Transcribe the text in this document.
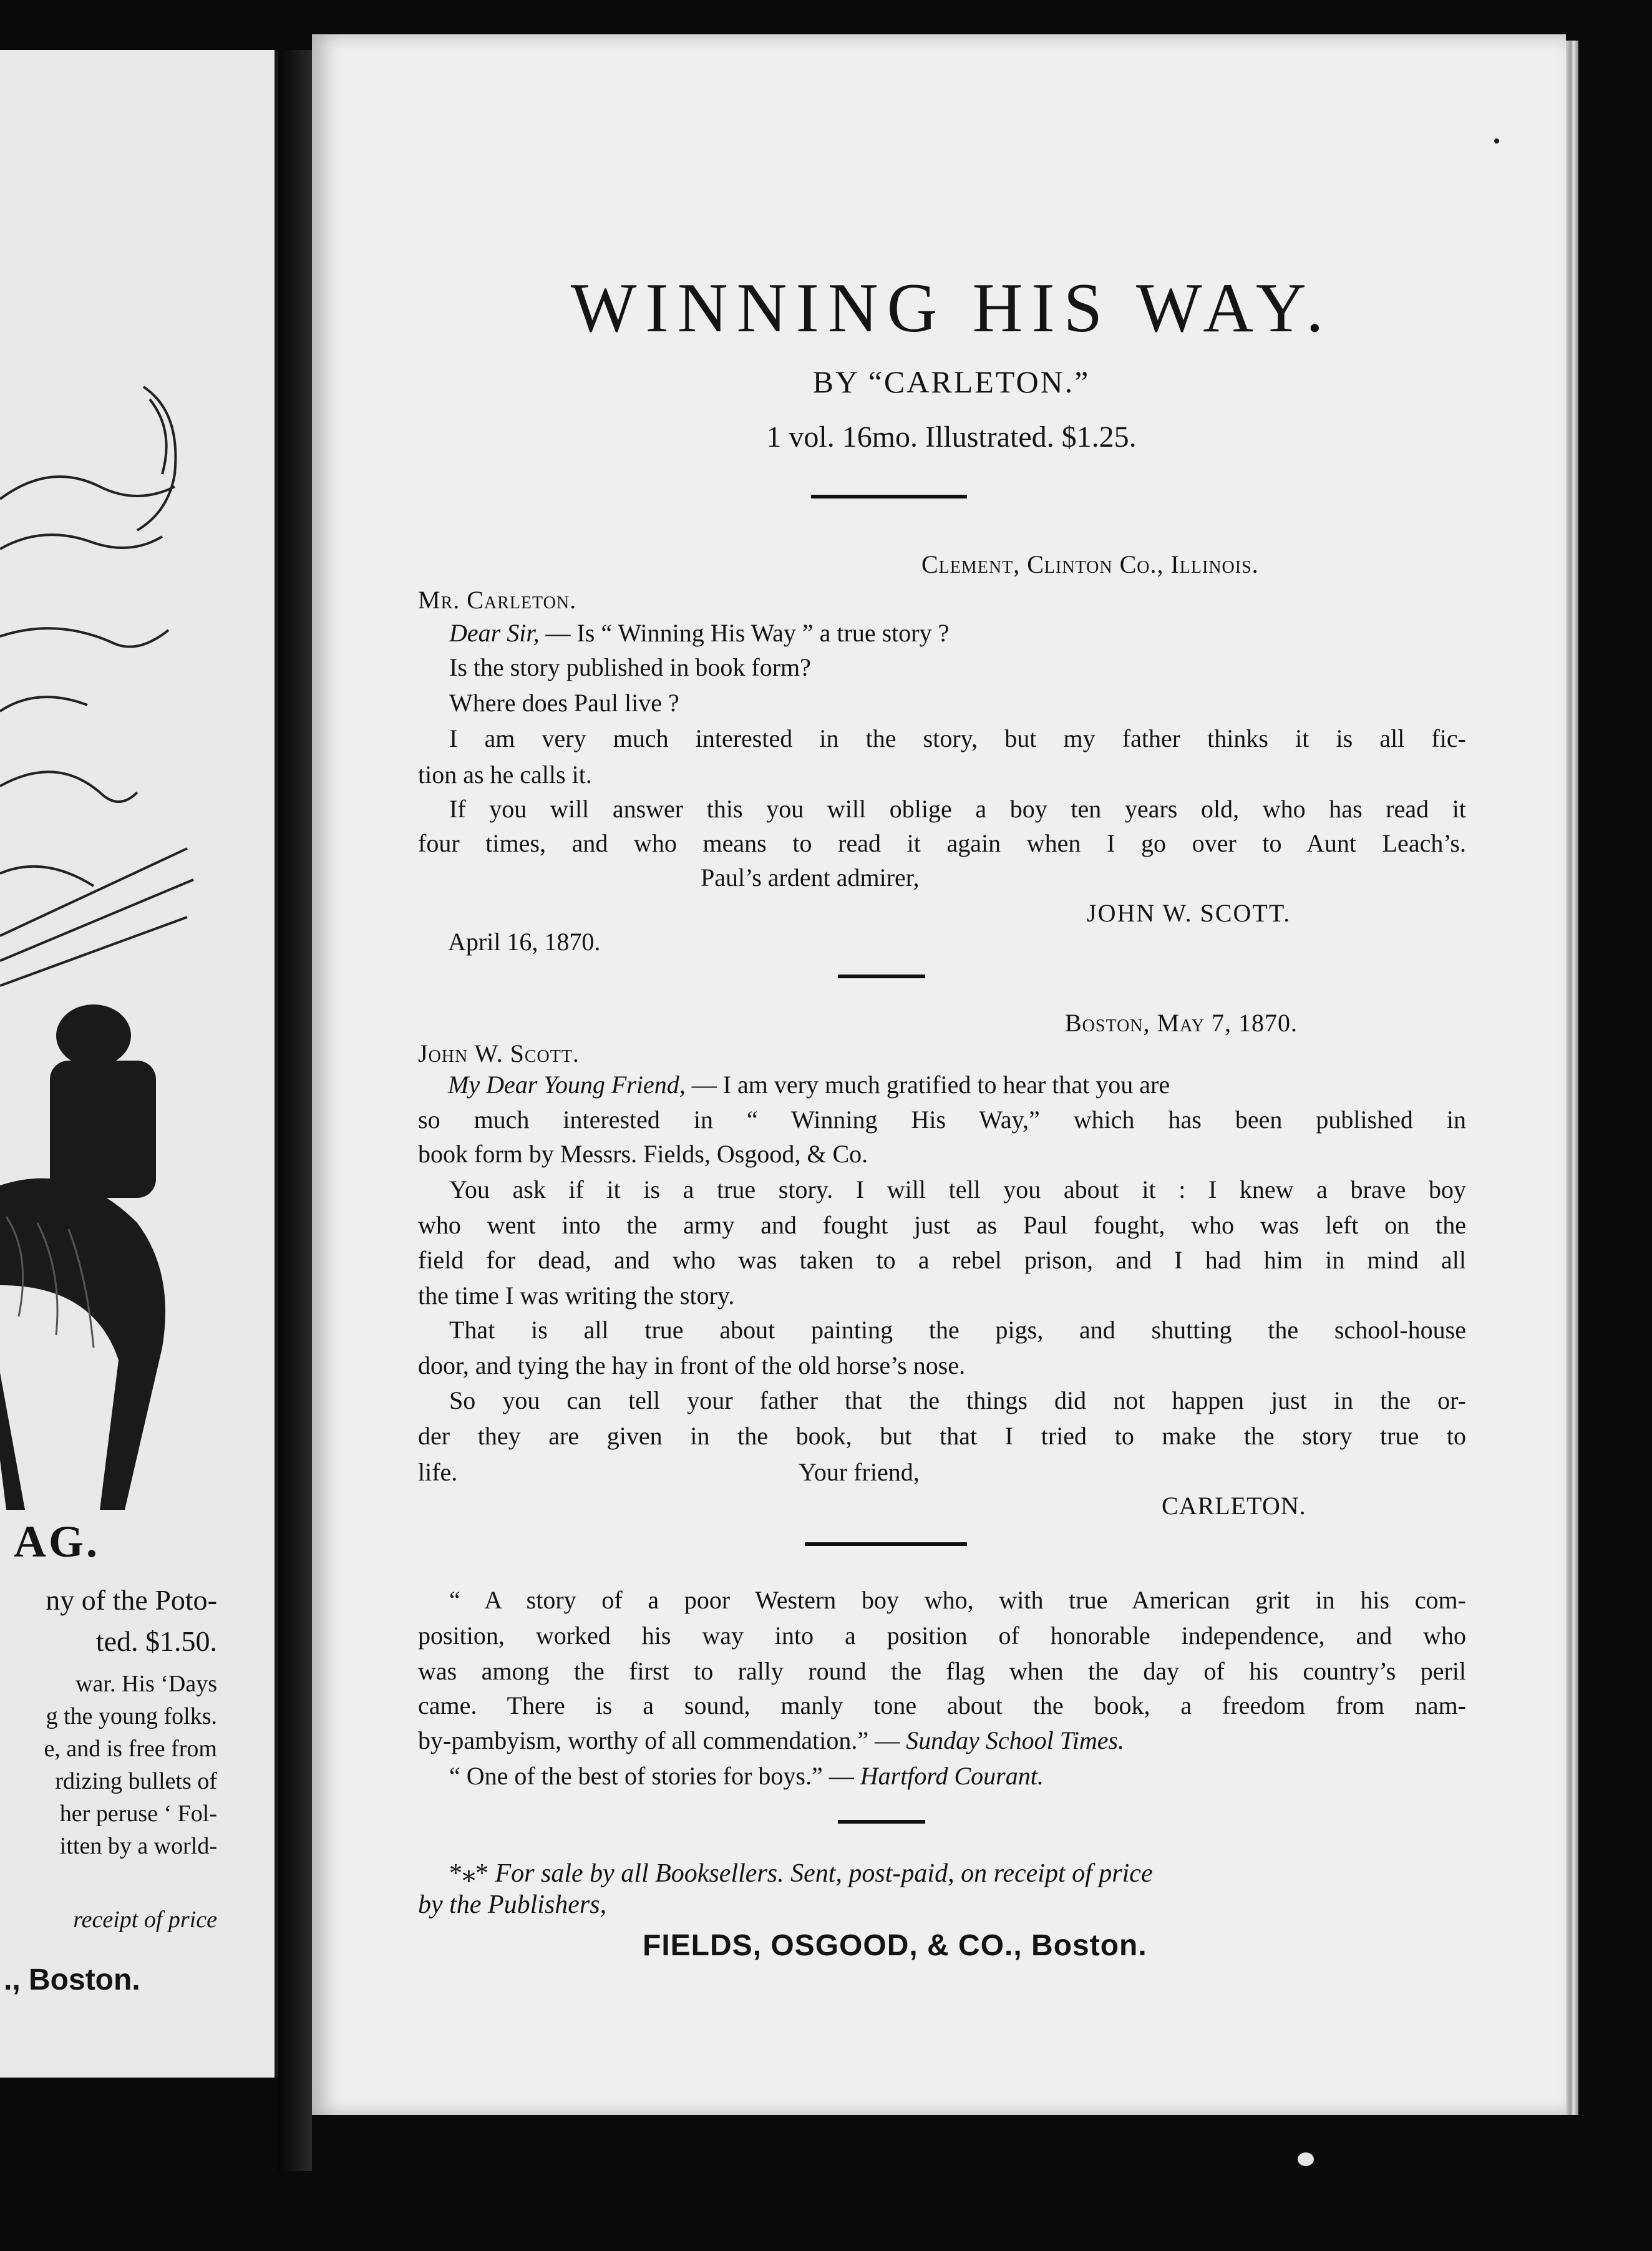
AG.
ny of the Poto-
ted. $1.50.
war. His ‘Days
g the young folks.
e, and is free from
rdizing bullets of
her peruse ‘ Fol-
itten by a world-
receipt of price
., Boston.
WINNING HIS WAY.
BY “CARLETON.”
1 vol. 16mo. Illustrated. $1.25.
Clement, Clinton Co., Illinois.
Mr. Carleton.
Dear Sir, — Is “ Winning His Way ” a true story ?
Is the story published in book form?
Where does Paul live ?
I am very much interested in the story, but my father thinks it is all fic-
tion as he calls it.
If you will answer this you will oblige a boy ten years old, who has read it
four times, and who means to read it again when I go over to Aunt Leach’s.
Paul’s ardent admirer,
JOHN W. SCOTT.
April 16, 1870.
Boston, May 7, 1870.
John W. Scott.
My Dear Young Friend, — I am very much gratified to hear that you are
so much interested in “ Winning His Way,” which has been published in
book form by Messrs. Fields, Osgood, & Co.
You ask if it is a true story. I will tell you about it : I knew a brave boy
who went into the army and fought just as Paul fought, who was left on the
field for dead, and who was taken to a rebel prison, and I had him in mind all
the time I was writing the story.
That is all true about painting the pigs, and shutting the school-house
door, and tying the hay in front of the old horse’s nose.
So you can tell your father that the things did not happen just in the or-
der they are given in the book, but that I tried to make the story true to
life.	Your friend,
CARLETON.
“ A story of a poor Western boy who, with true American grit in his com-
position, worked his way into a position of honorable independence, and who
was among the first to rally round the flag when the day of his country’s peril
came. There is a sound, manly tone about the book, a freedom from nam-
by-pambyism, worthy of all commendation.” — Sunday School Times.
“ One of the best of stories for boys.” — Hartford Courant.
*⁎* For sale by all Booksellers. Sent, post-paid, on receipt of price
by the Publishers,
FIELDS, OSGOOD, & CO., Boston.
